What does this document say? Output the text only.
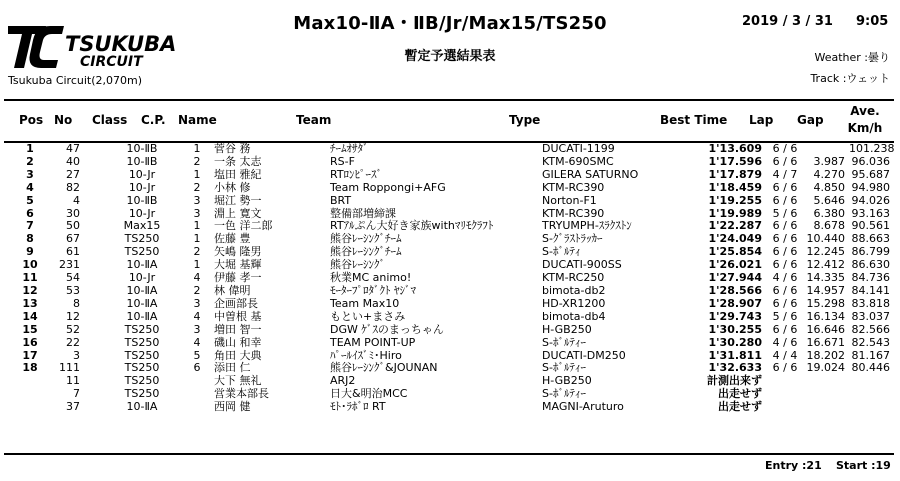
TSUKUBA
CIRCUIT
Tsukuba Circuit(2,070m)
Max10-ⅡA・ⅡB/Jr/Max15/TS250
暫定予選結果表
2019 / 3 / 31 9:05
Weather :曇り
Track :ウェット
Pos No Class C.P. Name	Team	Type	Best Time Lap Gap
Ave.
Km/h
1	47	10-ⅡB	1	菅谷 務	ﾁｰﾑｵｻﾀﾞ	DUCATI-1199	1'13.609	6 / 6		101.238
2	40	10-ⅡB	2	一条 太志	RS-F	KTM-690SMC	1'17.596	6 / 6	3.987	96.036
3	27	10-Jr	1	塩田 雅紀	RTﾛﾝﾋﾟｰｽﾞ	GILERA SATURNO	1'17.879	4 / 7	4.270	95.687
4	82	10-Jr	2	小林 修	Team Roppongi+AFG	KTM-RC390	1'18.459	6 / 6	4.850	94.980
5	4	10-ⅡB	3	堀江 勢一	BRT	Norton-F1	1'19.255	6 / 6	5.646	94.026
6	30	10-Jr	3	淵上 寛文	整備部増締課	KTM-RC390	1'19.989	5 / 6	6.380	93.163
7	50	Max15	1	一色 洋二郎	RTｱﾙぷん大好き家族withﾏﾘﾓｸﾗﾌﾄ	TRYUMPH-ｽﾗｸｽﾄﾝ	1'22.287	6 / 6	8.678	90.561
8	67	TS250	1	佐藤 豊	熊谷ﾚｰｼﾝｸﾞﾁｰﾑ	S-ｸﾞﾗｽﾄﾗｯｶｰ	1'24.049	6 / 6	10.440	88.663
9	61	TS250	2	矢嶋 隆男	熊谷ﾚｰｼﾝｸﾞﾁｰﾑ	S-ﾎﾞﾙﾃｨ	1'25.854	6 / 6	12.245	86.799
10	231	10-ⅡA	1	大堀 基輝	熊谷ﾚｰｼﾝｸﾞ	DUCATI-900SS	1'26.021	6 / 6	12.412	86.630
11	54	10-Jr	4	伊藤 孝一	秋業MC animo!	KTM-RC250	1'27.944	4 / 6	14.335	84.736
12	53	10-ⅡA	2	林 偉明	ﾓｰﾀｰﾌﾟﾛﾀﾞｸﾄ ﾔｼﾞﾏ	bimota-db2	1'28.566	6 / 6	14.957	84.141
13	8	10-ⅡA	3	企画部長	Team Max10	HD-XR1200	1'28.907	6 / 6	15.298	83.818
14	12	10-ⅡA	4	中曽根 基	もとい+まさみ	bimota-db4	1'29.743	5 / 6	16.134	83.037
15	52	TS250	3	増田 智一	DGW ｹﾞｽのまっちゃん	H-GB250	1'30.255	6 / 6	16.646	82.566
16	22	TS250	4	磯山 和幸	TEAM POINT-UP	S-ﾎﾞﾙﾃｨｰ	1'30.280	4 / 6	16.671	82.543
17	3	TS250	5	角田 大典	ﾊﾟｰﾙｲｽﾞﾐ･Hiro	DUCATI-DM250	1'31.811	4 / 4	18.202	81.167
18	111	TS250	6	添田 仁	熊谷ﾚｰｼﾝｸﾞ&JOUNAN	S-ﾎﾞﾙﾃｨｰ	1'32.633	6 / 6	19.024	80.446
	11	TS250		大下 無礼	ARJ2	H-GB250	計測出来ず			
	7	TS250		営業本部長	日大&明治MCC	S-ﾎﾞﾙﾃｨｰ	出走せず			
	37	10-ⅡA		西岡 健	ﾓﾄ･ﾗﾎﾞﾛ RT	MAGNI-Aruturo	出走せず			
Entry :21 Start :19
